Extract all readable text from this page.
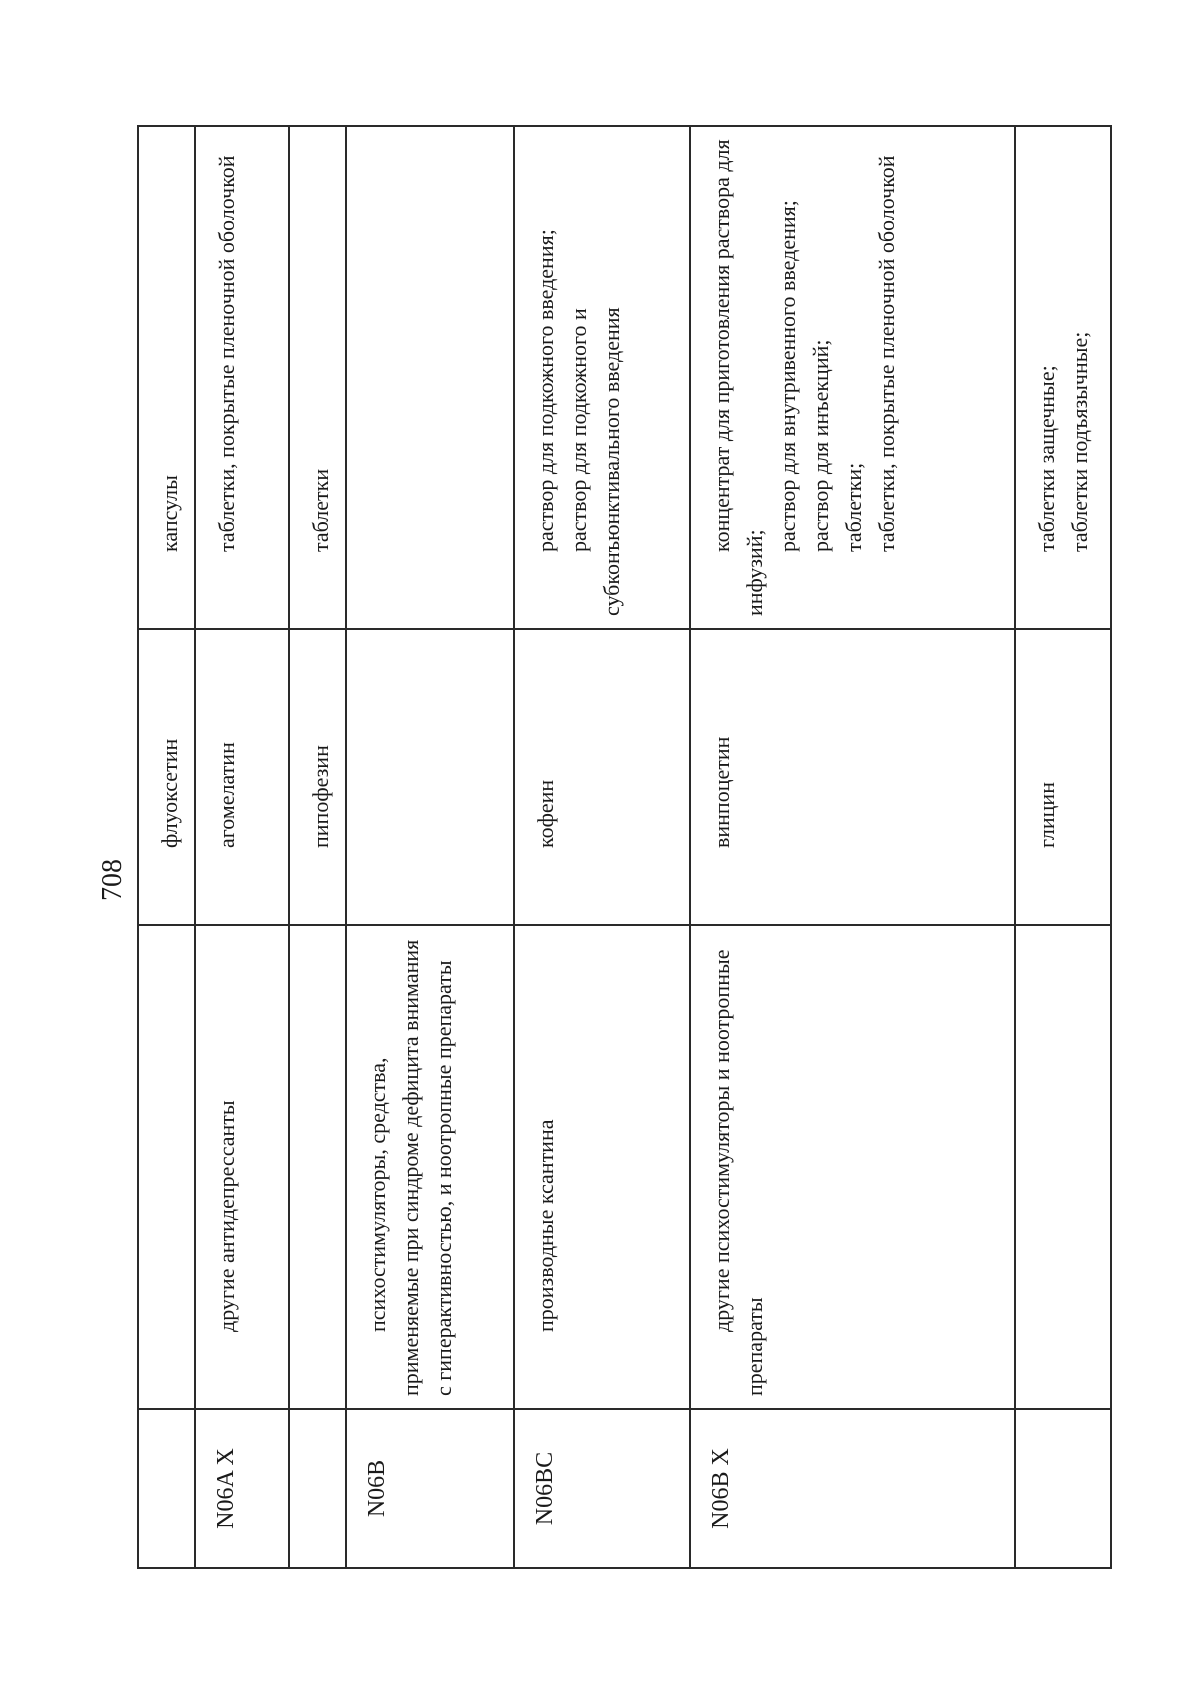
708
		флуоксетин	капсулы

N06A X	другие антидепрессанты	агомелатин	таблетки, покрытые пленочной оболочкой

		пипофезин	таблетки

N06B	психостимуляторы, средства, применяемые при синдроме дефицита внимания с гиперактивностью, и ноотропные препараты		
N06BC	производные ксантина	кофеин	раствор для подкожного введения; раствор для подкожного и субконъюнктивального введения

N06B X	другие психостимуляторы и ноотропные препараты	винпоцетин	концентрат для приготовления раствора для инфузий;
раствор для внутривенного введения; раствор для инъекций; таблетки; таблетки, покрытые пленочной оболочкой

		глицин	таблетки защечные; таблетки подъязычные;
